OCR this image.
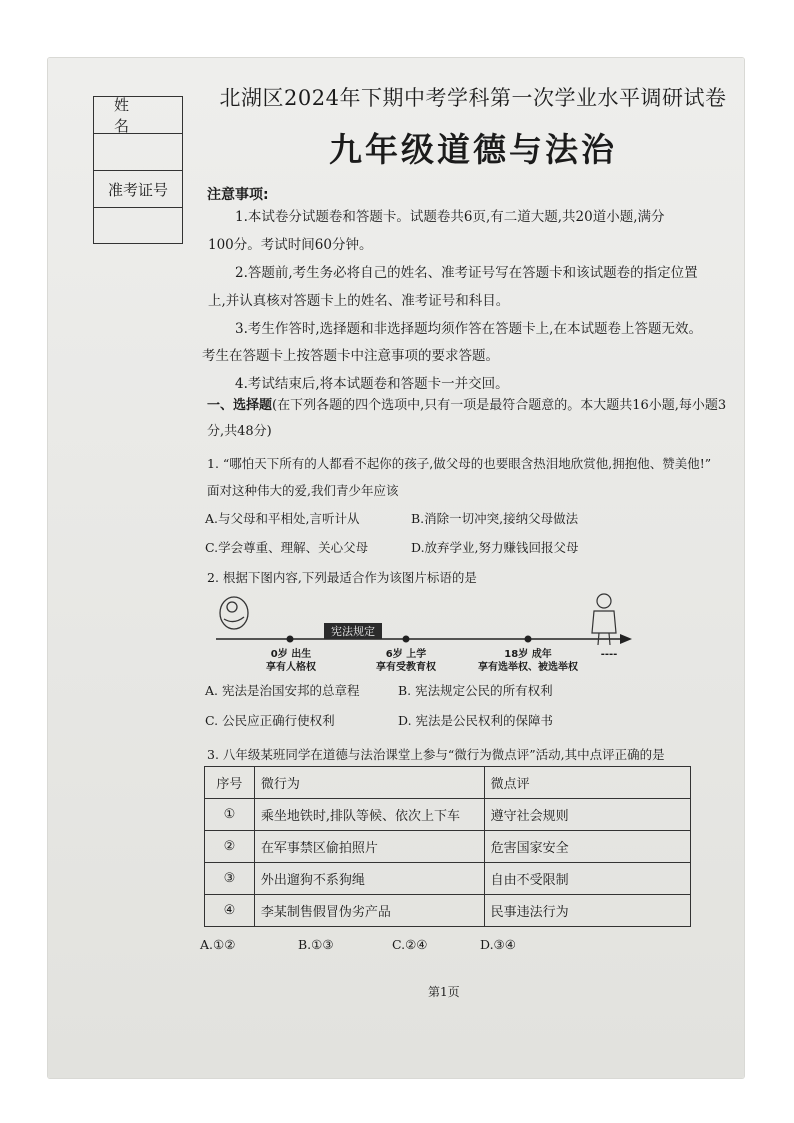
姓名
准考证号
北湖区2024年下期中考学科第一次学业水平调研试卷
九年级道德与法治
注意事项:
1.本试卷分试题卷和答题卡。试题卷共6页,有二道大题,共20道小题,满分
100分。考试时间60分钟。
2.答题前,考生务必将自己的姓名、准考证号写在答题卡和该试题卷的指定位置
上,并认真核对答题卡上的姓名、准考证号和科目。
3.考生作答时,选择题和非选择题均须作答在答题卡上,在本试题卷上答题无效。
考生在答题卡上按答题卡中注意事项的要求答题。
4.考试结束后,将本试题卷和答题卡一并交回。
一、选择题(在下列各题的四个选项中,只有一项是最符合题意的。本大题共16小题,每小题3
分,共48分)
1. “哪怕天下所有的人都看不起你的孩子,做父母的也要眼含热泪地欣赏他,拥抱他、赞美他!”
面对这种伟大的爱,我们青少年应该
A.与父母和平相处,言听计从	B.消除一切冲突,接纳父母做法
C.学会尊重、理解、关心父母	D.放弃学业,努力赚钱回报父母
2. 根据下图内容,下列最适合作为该图片标语的是
宪法规定
0岁 出生
享有人格权
6岁 上学
享有受教育权
18岁 成年
享有选举权、被选举权
----
A. 宪法是治国安邦的总章程	B. 宪法规定公民的所有权利
C. 公民应正确行使权利	D. 宪法是公民权利的保障书
3. 八年级某班同学在道德与法治课堂上参与“微行为微点评”活动,其中点评正确的是
序号	微行为	微点评
①	乘坐地铁时,排队等候、依次上下车	遵守社会规则
②	在军事禁区偷拍照片	危害国家安全
③	外出遛狗不系狗绳	自由不受限制
④	李某制售假冒伪劣产品	民事违法行为
A.①②	B.①③	C.②④	D.③④
第1页
